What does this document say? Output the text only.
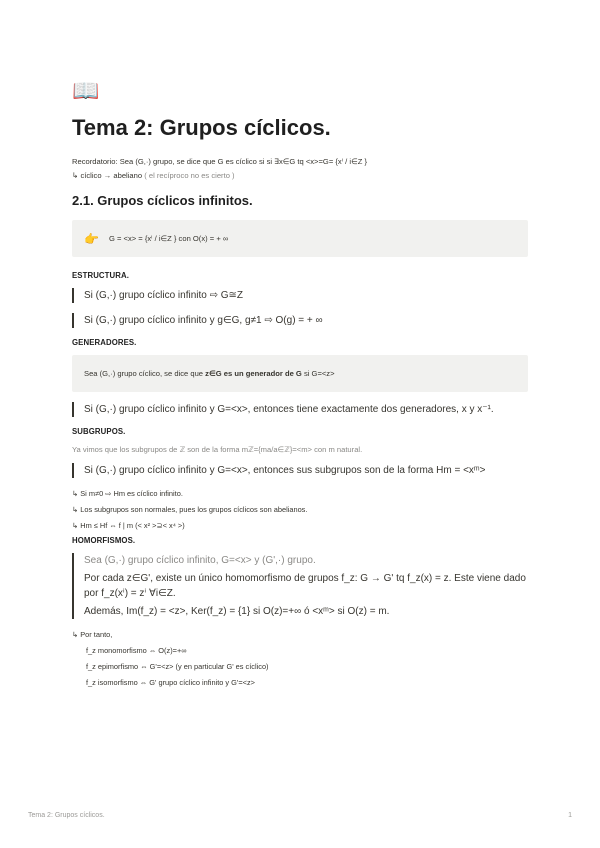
📖
Tema 2: Grupos cíclicos.
Recordatorio: Sea (G,·) grupo, se dice que G es cíclico si si ∃x∈G tq <x>=G= {xⁱ / i∈Z }
↳ cíclico → abeliano ( el recíproco no es cierto )
2.1. Grupos cíclicos infinitos.
👉 G = <x> = {xⁱ / i∈Z } con O(x) = + ∞
ESTRUCTURA.
Si (G,·) grupo cíclico infinito ⇨ G≅Z
Si (G,·) grupo cíclico infinito y g∈G, g≠1 ⇨ O(g) = + ∞
GENERADORES.
Sea (G,·) grupo cíclico, se dice que z∈G es un generador de G si G=<z>
Si (G,·) grupo cíclico infinito y G=<x>, entonces tiene exactamente dos generadores, x y x⁻¹.
SUBGRUPOS.
Ya vimos que los subgrupos de ℤ son de la forma mℤ={ma/a∈ℤ}=<m> con m natural.
Si (G,·) grupo cíclico infinito y G=<x>, entonces sus subgrupos son de la forma Hm = <xᵐ>
↳ Si m≠0 ⇨ Hm es cíclico infinito.
↳ Los subgrupos son normales, pues los grupos cíclicos son abelianos.
↳ Hm ≤ Hf ⇔ f | m (< x² >⊇< x⁴ >)
HOMORFISMOS.
Sea (G,·) grupo cíclico infinito, G=<x> y (G',·) grupo.
Por cada z∈G', existe un único homomorfismo de grupos f_z: G → G' tq f_z(x) = z. Este viene dado por f_z(xⁱ) = zⁱ ∀i∈Z.
Además, Im(f_z) = <z>, Ker(f_z) = {1} si O(z)=+∞ ó <xᵐ> si O(z) = m.
↳ Por tanto,
f_z monomorfismo ⇔ O(z)=+∞
f_z epimorfismo ⇔ G'=<z> (y en particular G' es cíclico)
f_z isomorfismo ⇔ G' grupo cíclico infinito y G'=<z>
Tema 2: Grupos cíclicos.	1
